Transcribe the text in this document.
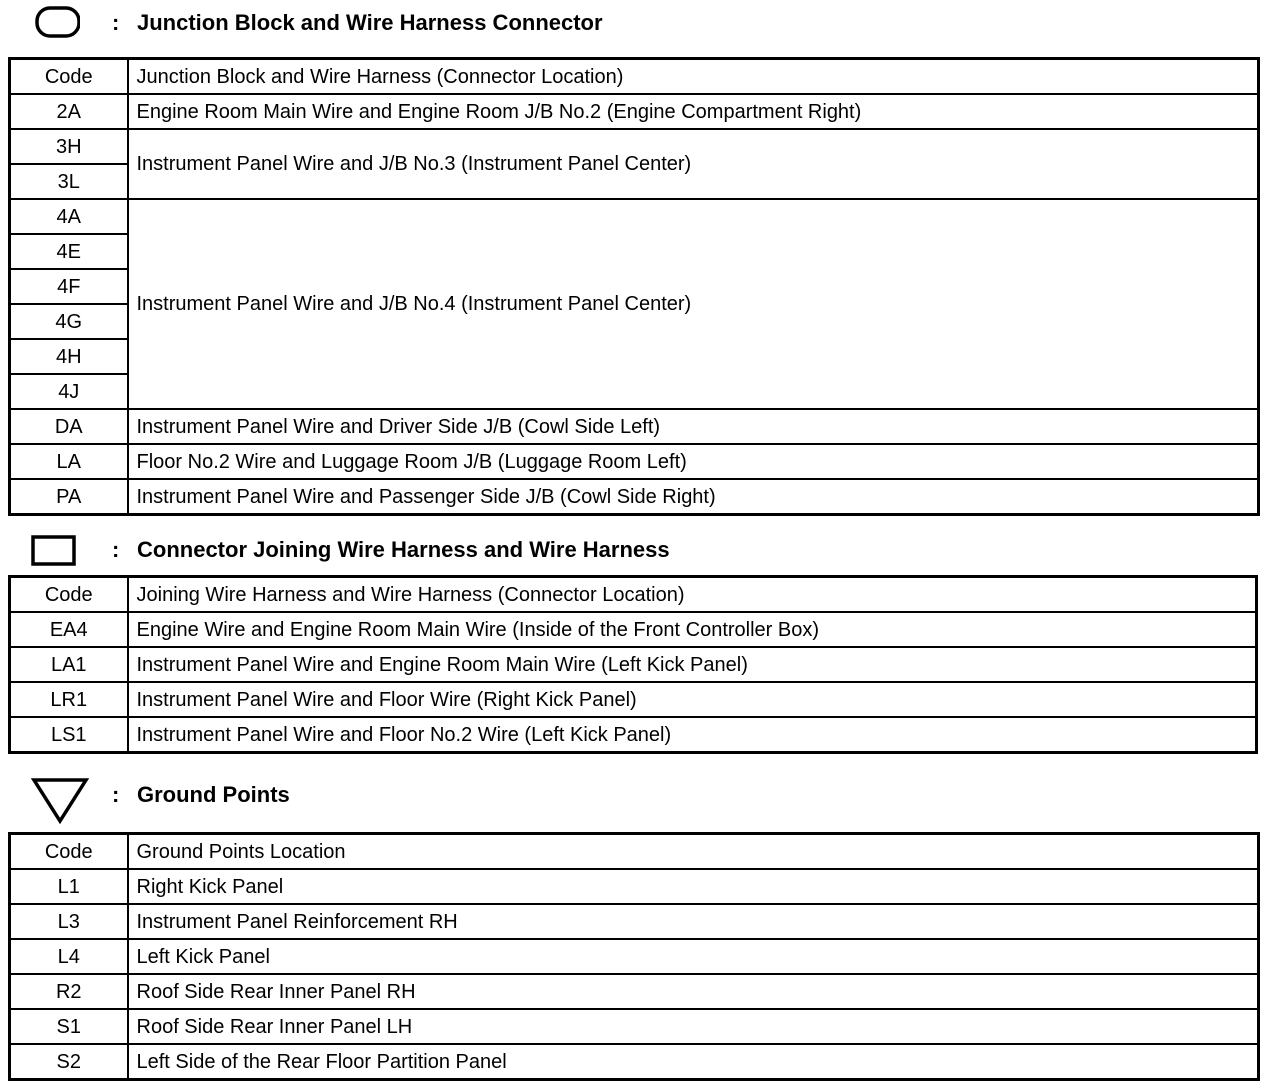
: Junction Block and Wire Harness Connector
Code	Junction Block and Wire Harness (Connector Location)
2A	Engine Room Main Wire and Engine Room J/B No.2 (Engine Compartment Right)
3H	Instrument Panel Wire and J/B No.3 (Instrument Panel Center)
3L	
4A	Instrument Panel Wire and J/B No.4 (Instrument Panel Center)
4E	
4F	
4G	
4H	
4J	
DA	Instrument Panel Wire and Driver Side J/B (Cowl Side Left)
LA	Floor No.2 Wire and Luggage Room J/B (Luggage Room Left)
PA	Instrument Panel Wire and Passenger Side J/B (Cowl Side Right)
: Connector Joining Wire Harness and Wire Harness
Code	Joining Wire Harness and Wire Harness (Connector Location)
EA4	Engine Wire and Engine Room Main Wire (Inside of the Front Controller Box)
LA1	Instrument Panel Wire and Engine Room Main Wire (Left Kick Panel)
LR1	Instrument Panel Wire and Floor Wire (Right Kick Panel)
LS1	Instrument Panel Wire and Floor No.2 Wire (Left Kick Panel)
: Ground Points
Code	Ground Points Location
L1	Right Kick Panel
L3	Instrument Panel Reinforcement RH
L4	Left Kick Panel
R2	Roof Side Rear Inner Panel RH
S1	Roof Side Rear Inner Panel LH
S2	Left Side of the Rear Floor Partition Panel
